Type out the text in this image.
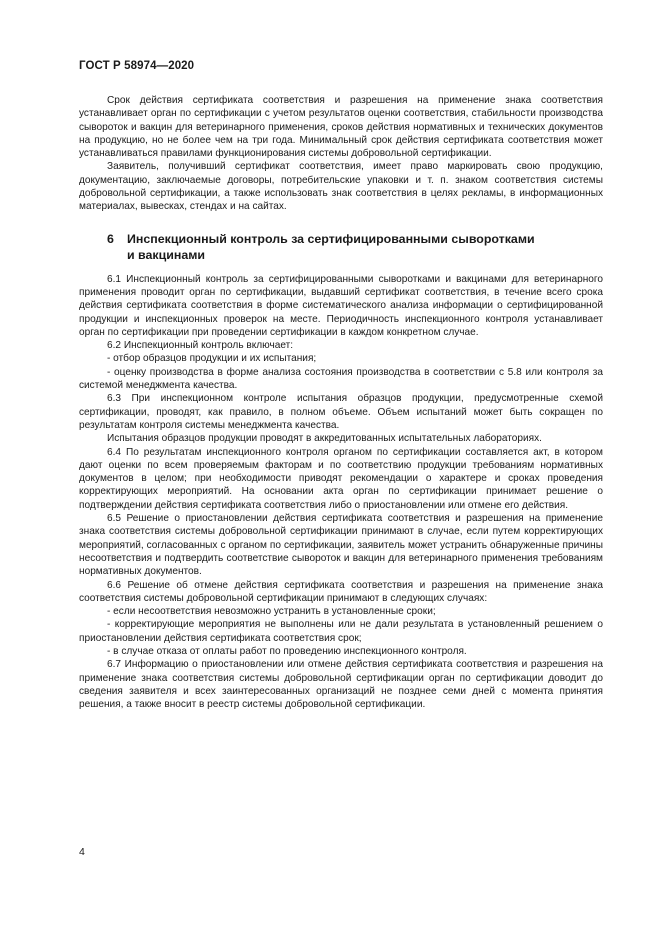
ГОСТ Р 58974—2020

Срок действия сертификата соответствия и разрешения на применение знака соответствия устанавливает орган по сертификации с учетом результатов оценки соответствия, стабильности производства сывороток и вакцин для ветеринарного применения, сроков действия нормативных и технических документов на продукцию, но не более чем на три года. Минимальный срок действия сертификата соответствия может устанавливаться правилами функционирования системы добровольной сертификации.

Заявитель, получивший сертификат соответствия, имеет право маркировать свою продукцию, документацию, заключаемые договоры, потребительские упаковки и т. п. знаком соответствия системы добровольной сертификации, а также использовать знак соответствия в целях рекламы, в информационных материалах, вывесках, стендах и на сайтах.

6 Инспекционный контроль за сертифицированными сыворотками
и вакцинами

6.1 Инспекционный контроль за сертифицированными сыворотками и вакцинами для ветеринарного применения проводит орган по сертификации, выдавший сертификат соответствия, в течение всего срока действия сертификата соответствия в форме систематического анализа информации о сертифицированной продукции и инспекционных проверок на месте. Периодичность инспекционного контроля устанавливает орган по сертификации при проведении сертификации в каждом конкретном случае.

6.2 Инспекционный контроль включает:

- отбор образцов продукции и их испытания;

- оценку производства в форме анализа состояния производства в соответствии с 5.8 или контроля за системой менеджмента качества.

6.3 При инспекционном контроле испытания образцов продукции, предусмотренные схемой сертификации, проводят, как правило, в полном объеме. Объем испытаний может быть сокращен по результатам контроля системы менеджмента качества.

Испытания образцов продукции проводят в аккредитованных испытательных лабораториях.

6.4 По результатам инспекционного контроля органом по сертификации составляется акт, в котором дают оценки по всем проверяемым факторам и по соответствию продукции требованиям нормативных документов в целом; при необходимости приводят рекомендации о характере и сроках проведения корректирующих мероприятий. На основании акта орган по сертификации принимает решение о подтверждении действия сертификата соответствия либо о приостановлении или отмене его действия.

6.5 Решение о приостановлении действия сертификата соответствия и разрешения на применение знака соответствия системы добровольной сертификации принимают в случае, если путем корректирующих мероприятий, согласованных с органом по сертификации, заявитель может устранить обнаруженные причины несоответствия и подтвердить соответствие сывороток и вакцин для ветеринарного применения требованиям нормативных документов.

6.6 Решение об отмене действия сертификата соответствия и разрешения на применение знака соответствия системы добровольной сертификации принимают в следующих случаях:

- если несоответствия невозможно устранить в установленные сроки;

- корректирующие мероприятия не выполнены или не дали результата в установленный решением о приостановлении действия сертификата соответствия срок;

- в случае отказа от оплаты работ по проведению инспекционного контроля.

6.7 Информацию о приостановлении или отмене действия сертификата соответствия и разрешения на применение знака соответствия системы добровольной сертификации орган по сертификации доводит до сведения заявителя и всех заинтересованных организаций не позднее семи дней с момента принятия решения, а также вносит в реестр системы добровольной сертификации.

4
